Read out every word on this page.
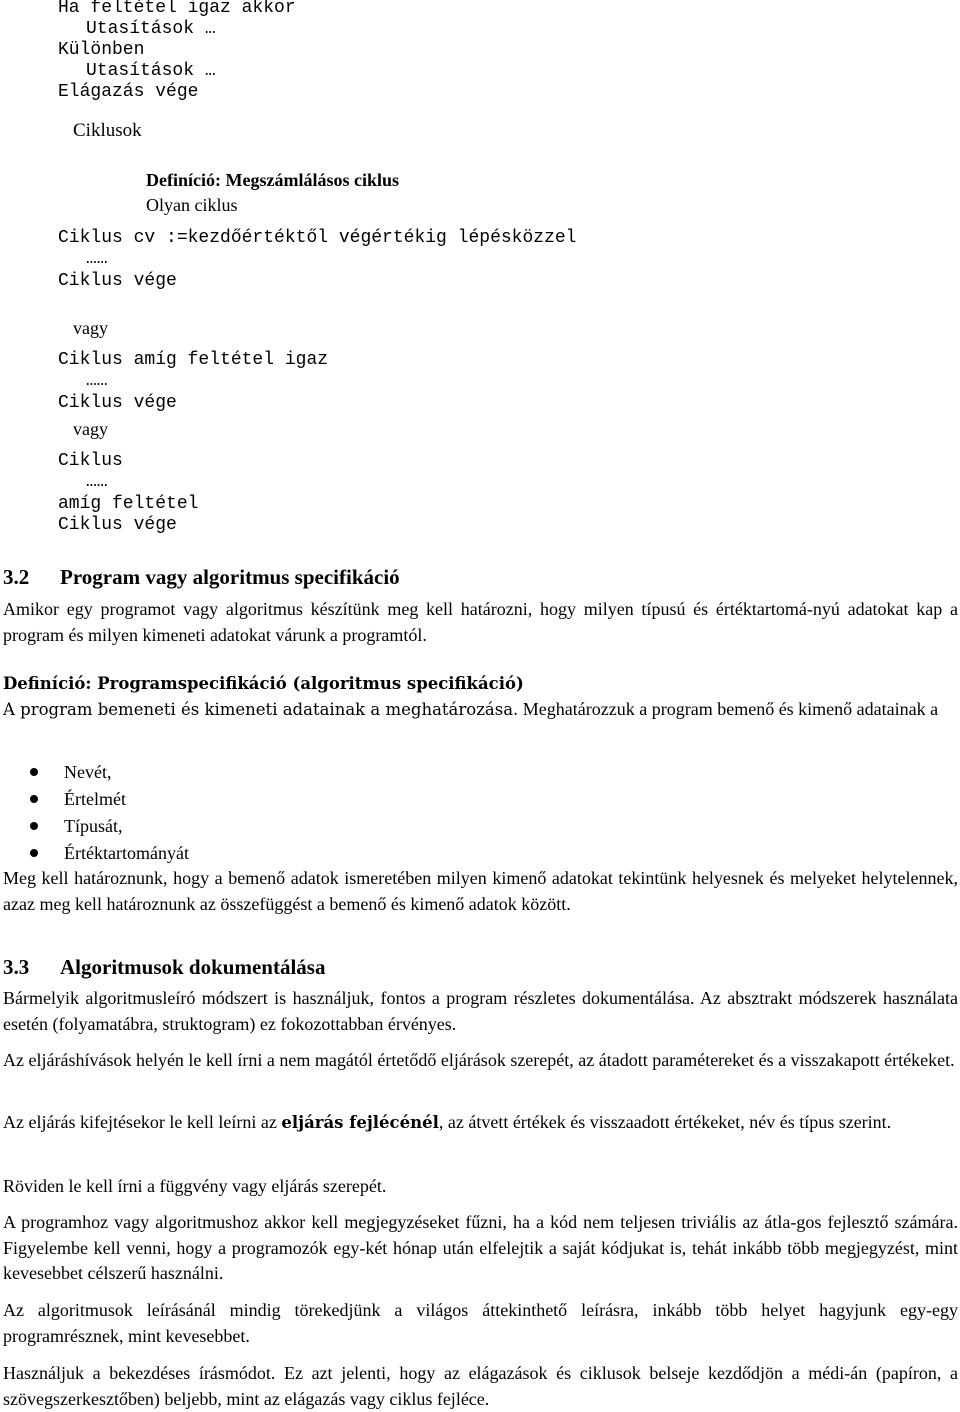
Ha feltétel igaz akkor
Utasítások …
Különben
Utasítások …
Elágazás vége
Ciklusok
Definíció: Megszámlálásos ciklus
Olyan ciklus
Ciklus cv :=kezdőértéktől végértékig lépésközzel
……
Ciklus vége
vagy
Ciklus amíg feltétel igaz
……
Ciklus vége
vagy
Ciklus
……
amíg feltétel
Ciklus vége
3.2 Program vagy algoritmus specifikáció
Amikor egy programot vagy algoritmus készítünk meg kell határozni, hogy milyen típusú és értéktartomá-nyú adatokat kap a program és milyen kimeneti adatokat várunk a programtól.
Definíció: Programspecifikáció (algoritmus specifikáció)
A program bemeneti és kimeneti adatainak a meghatározása. Meghatározzuk a program bemenő és kimenő adatainak a
Nevét,
Értelmét
Típusát,
Értéktartományát
Meg kell határoznunk, hogy a bemenő adatok ismeretében milyen kimenő adatokat tekintünk helyesnek és melyeket helytelennek, azaz meg kell határoznunk az összefüggést a bemenő és kimenő adatok között.
3.3 Algoritmusok dokumentálása
Bármelyik algoritmusleíró módszert is használjuk, fontos a program részletes dokumentálása. Az absztrakt módszerek használata esetén (folyamatábra, struktogram) ez fokozottabban érvényes.
Az eljáráshívások helyén le kell írni a nem magától értetődő eljárások szerepét, az átadott paramétereket és a visszakapott értékeket.
Az eljárás kifejtésekor le kell leírni az eljárás fejlécénél, az átvett értékek és visszaadott értékeket, név és típus szerint.
Röviden le kell írni a függvény vagy eljárás szerepét.
A programhoz vagy algoritmushoz akkor kell megjegyzéseket fűzni, ha a kód nem teljesen triviális az átla-gos fejlesztő számára. Figyelembe kell venni, hogy a programozók egy-két hónap után elfelejtik a saját kódjukat is, tehát inkább több megjegyzést, mint kevesebbet célszerű használni.
Az algoritmusok leírásánál mindig törekedjünk a világos áttekinthető leírásra, inkább több helyet hagyjunk egy-egy programrésznek, mint kevesebbet.
Használjuk a bekezdéses írásmódot. Ez azt jelenti, hogy az elágazások és ciklusok belseje kezdődjön a médi-án (papíron, a szövegszerkesztőben) beljebb, mint az elágazás vagy ciklus fejléce.
